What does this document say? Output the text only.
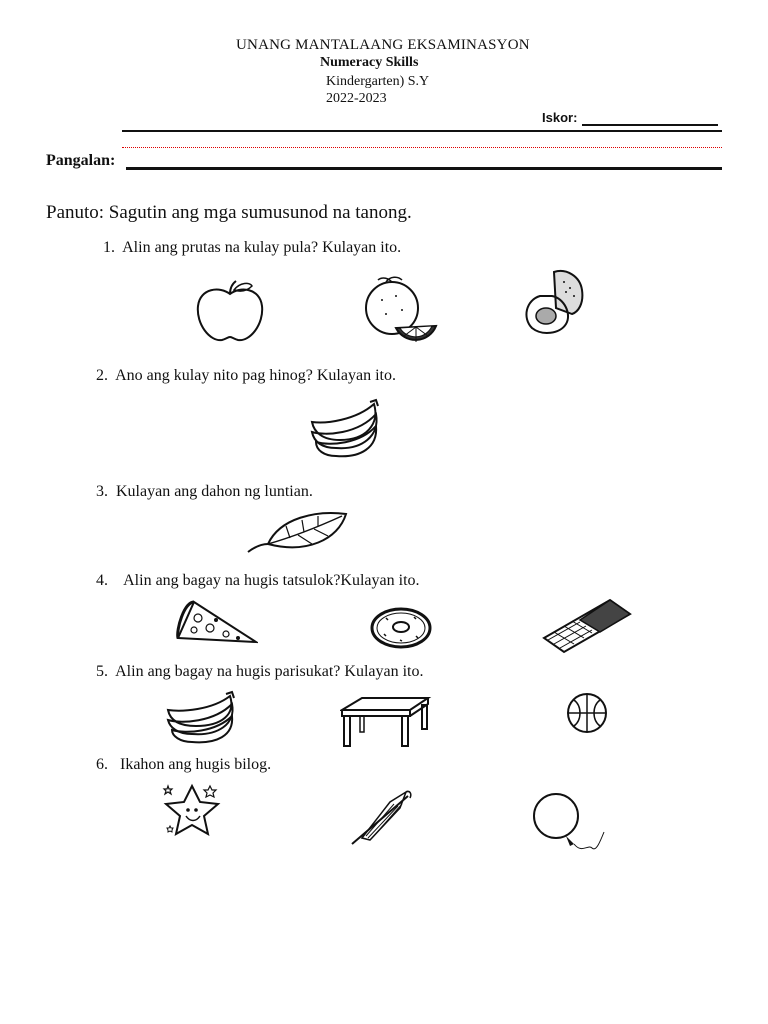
UNANG MANTALAANG EKSAMINASYON
Numeracy Skills
Kindergarten) S.Y
2022-2023
Iskor:
Pangalan:
Panuto: Sagutin ang mga sumusunod na tanong.
1. Alin ang prutas na kulay pula? Kulayan ito.
2. Ano ang kulay nito pag hinog? Kulayan ito.
3. Kulayan ang dahon ng luntian.
4. Alin ang bagay na hugis tatsulok?Kulayan ito.
5. Alin ang bagay na hugis parisukat? Kulayan ito.
6. Ikahon ang hugis bilog.
